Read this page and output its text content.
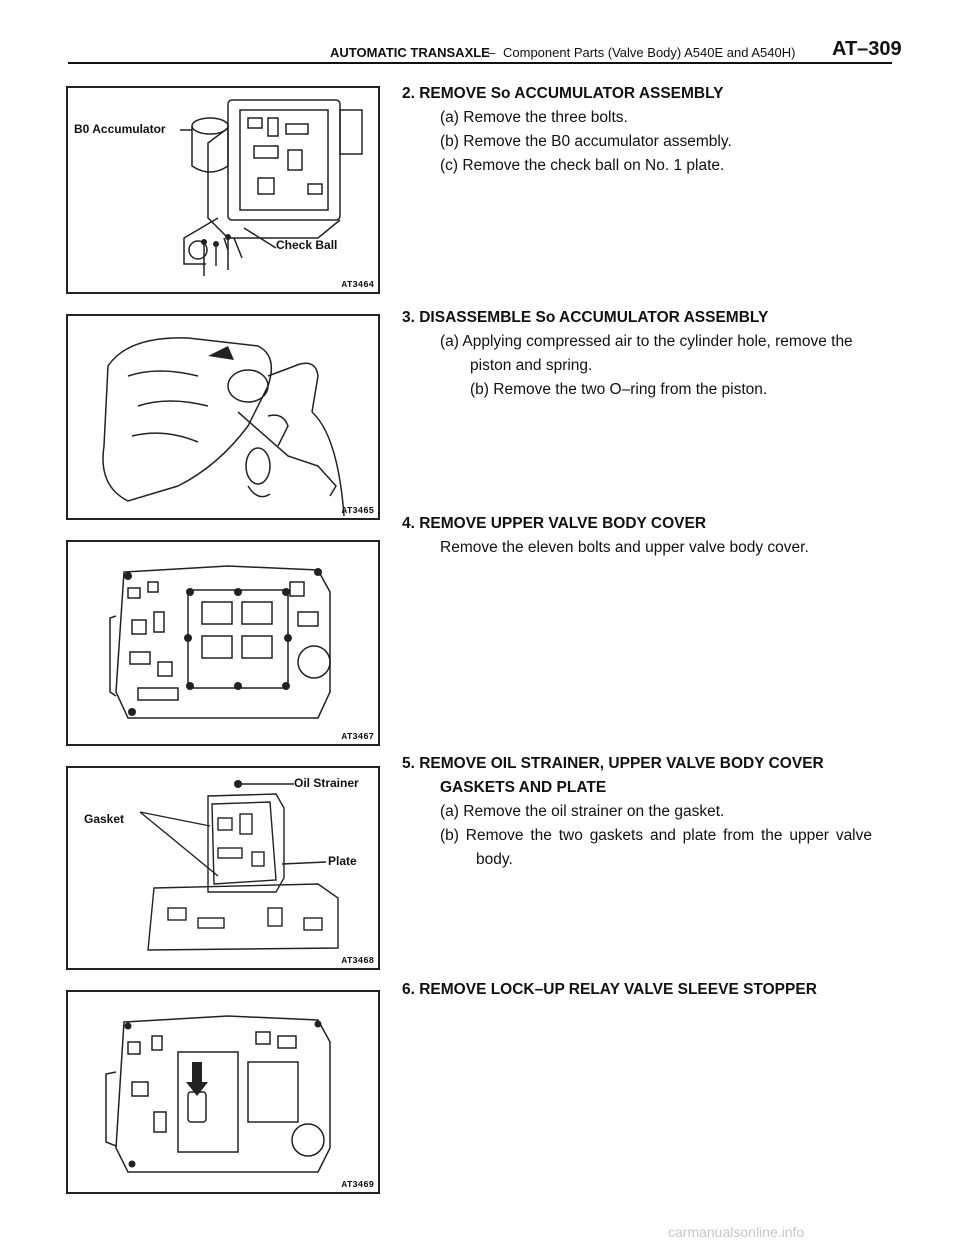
AUTOMATIC TRANSAXLE
– Component Parts (Valve Body) A540E and A540H) AT–309
B0 Accumulator
Check Ball
AT3464
AT3465
AT3467
Oil Strainer
Gasket
Plate
AT3468
AT3469
2. REMOVE So ACCUMULATOR ASSEMBLY
(a) Remove the three bolts.
(b) Remove the B0 accumulator assembly.
(c) Remove the check ball on No. 1 plate.
3. DISASSEMBLE So ACCUMULATOR ASSEMBLY
(a) Applying compressed air to the cylinder hole, remove the piston and spring.
(b) Remove the two O–ring from the piston.
4. REMOVE UPPER VALVE BODY COVER
Remove the eleven bolts and upper valve body cover.
5. REMOVE OIL STRAINER, UPPER VALVE BODY COVER
GASKETS AND PLATE
(a) Remove the oil strainer on the gasket.
(b) Remove the two gaskets and plate from the upper valve body.
6. REMOVE LOCK–UP RELAY VALVE SLEEVE STOPPER
carmanualsonline.info
